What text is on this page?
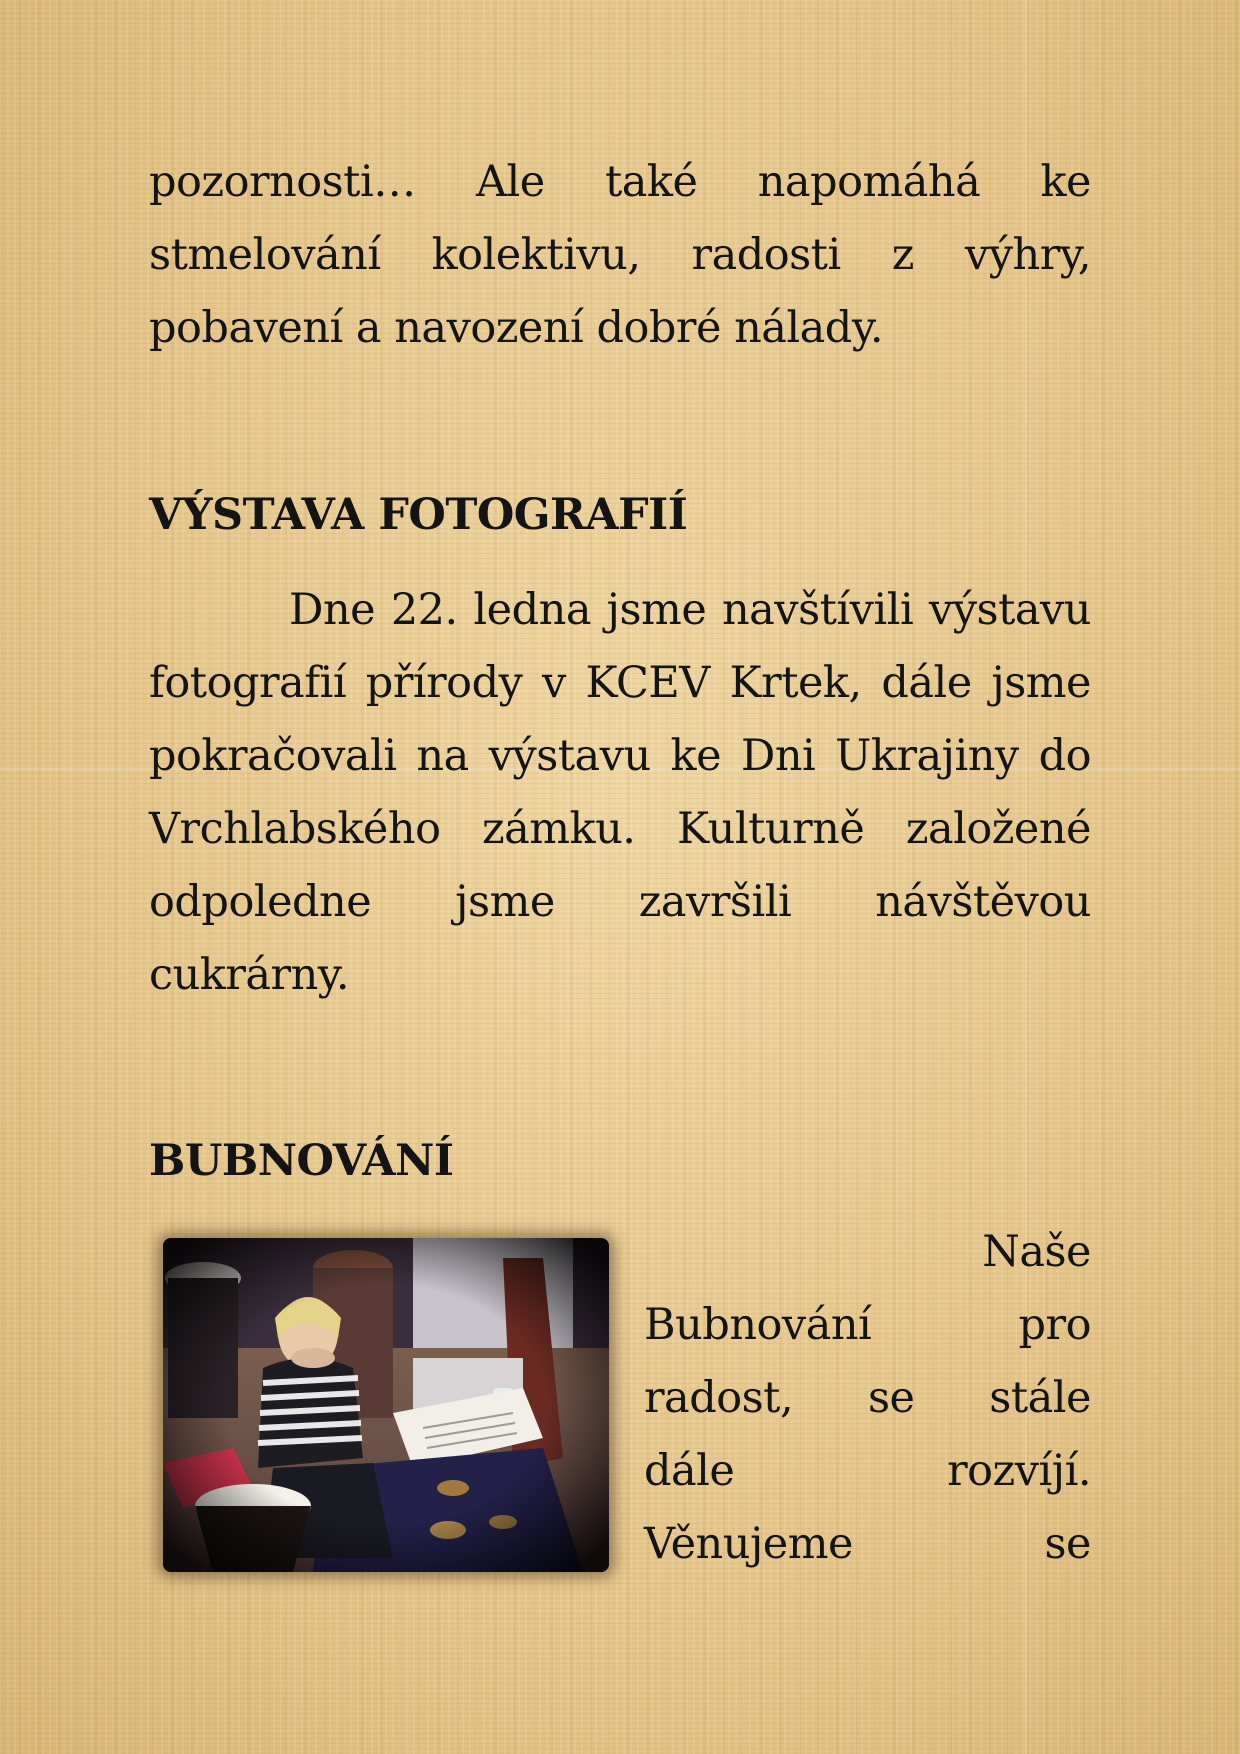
pozornosti… Ale také napomáhá ke stmelování kolektivu, radosti z výhry, pobavení a navození dobré nálady.

VÝSTAVA FOTOGRAFIÍ

Dne 22. ledna jsme navštívili výstavu fotografií přírody v KCEV Krtek, dále jsme pokračovali na výstavu ke Dni Ukrajiny do Vrchlabského zámku. Kulturně založené odpoledne jsme završili návštěvou cukrárny.

BUBNOVÁNÍ
Naše
Bubnování	pro
radost, se stále
dále	rozvíjí.
Věnujeme	se
